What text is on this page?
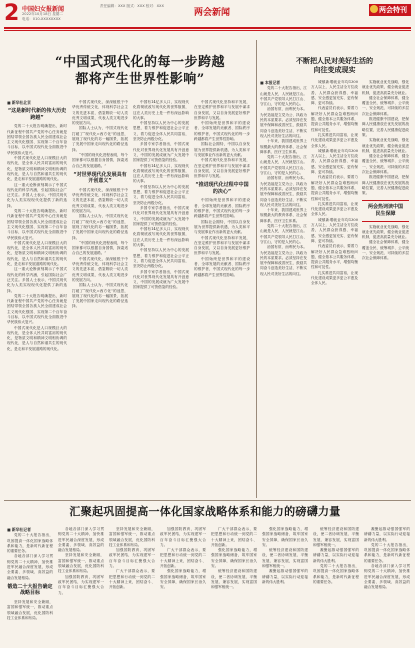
2 中国妇女报新闻
2022年10月18日 星期二
电话：010-XXXXXXXX
责任编辑：XXX 版式：XXX 校对：XXX
两会新闻	两会特刊
“中国式现代化的每一步跨越
都将产生世界性影响”
■ 新华社北京
“这是新时代新的伟大历史跨越”

党的二十大报告明确提出，新时代新征程中国共产党的中心任务就是团结带领全国各族人民全面建成社会主义现代化强国、实现第二个百年奋斗目标，以中国式现代化全面推进中华民族伟大复兴。

中国式现代化是人口规模巨大的现代化，是全体人民共同富裕的现代化，是物质文明和精神文明相协调的现代化，是人与自然和谐共生的现代化，是走和平发展道路的现代化。

这一重大论断深刻揭示了中国式现代化的科学内涵，引起国际社会广泛关注。多国人士表示，中国式现代化为人类实现现代化提供了新的选择。

党的二十大报告明确提出，新时代新征程中国共产党的中心任务就是团结带领全国各族人民全面建成社会主义现代化强国、实现第二个百年奋斗目标，以中国式现代化全面推进中华民族伟大复兴。

中国式现代化是人口规模巨大的现代化，是全体人民共同富裕的现代化，是物质文明和精神文明相协调的现代化，是人与自然和谐共生的现代化，是走和平发展道路的现代化。

这一重大论断深刻揭示了中国式现代化的科学内涵，引起国际社会广泛关注。多国人士表示，中国式现代化为人类实现现代化提供了新的选择。

党的二十大报告明确提出，新时代新征程中国共产党的中心任务就是团结带领全国各族人民全面建成社会主义现代化强国、实现第二个百年奋斗目标，以中国式现代化全面推进中华民族伟大复兴。

中国式现代化是人口规模巨大的现代化，是全体人民共同富裕的现代化，是物质文明和精神文明相协调的现代化，是人与自然和谐共生的现代化，是走和平发展道路的现代化。

中国式现代化，深深植根于中华优秀传统文化，体现科学社会主义的先进本质，借鉴吸收一切人类优秀文明成果，代表人类文明进步的发展方向。

国际人士认为，中国式现代化打破了“现代化=西方化”的迷思，展现了现代化的另一幅图景，拓展了发展中国家走向现代化的路径选择。

“中国的现代化进程表明，每个国家都可以根据自身国情，探索适合自己的发展道路。”

“对世界现代化发展具有开创意义”

中国式现代化，深深植根于中华优秀传统文化，体现科学社会主义的先进本质，借鉴吸收一切人类优秀文明成果，代表人类文明进步的发展方向。

国际人士认为，中国式现代化打破了“现代化=西方化”的迷思，展现了现代化的另一幅图景，拓展了发展中国家走向现代化的路径选择。

“中国的现代化进程表明，每个国家都可以根据自身国情，探索适合自己的发展道路。”

中国式现代化，深深植根于中华优秀传统文化，体现科学社会主义的先进本质，借鉴吸收一切人类优秀文明成果，代表人类文明进步的发展方向。

国际人士认为，中国式现代化打破了“现代化=西方化”的迷思，展现了现代化的另一幅图景，拓展了发展中国家走向现代化的路径选择。

中国有14亿多人口，实现现代化将彻底改写现代化的世界版图，这在人类历史上是一件有深远影响的大事。

中国坚持以人民为中心的发展思想，着力维护和促进社会公平正义，着力促进全体人民共同富裕，坚决防止两极分化。

多国专家学者指出，中国式现代化对世界现代化发展具有开创意义，中国的发展成就为广大发展中国家提供了可资借鉴的经验。

中国有14亿多人口，实现现代化将彻底改写现代化的世界版图，这在人类历史上是一件有深远影响的大事。

中国坚持以人民为中心的发展思想，着力维护和促进社会公平正义，着力促进全体人民共同富裕，坚决防止两极分化。

多国专家学者指出，中国式现代化对世界现代化发展具有开创意义，中国的发展成就为广大发展中国家提供了可资借鉴的经验。

中国有14亿多人口，实现现代化将彻底改写现代化的世界版图，这在人类历史上是一件有深远影响的大事。

中国坚持以人民为中心的发展思想，着力维护和促进社会公平正义，着力促进全体人民共同富裕，坚决防止两极分化。

多国专家学者指出，中国式现代化对世界现代化发展具有开创意义，中国的发展成就为广大发展中国家提供了可资借鉴的经验。

中国式现代化坚持和平发展，在坚定维护世界和平与发展中谋求自身发展，又以自身发展更好维护世界和平与发展。

中国始终是世界和平的建设者、全球发展的贡献者、国际秩序的维护者，中国式现代化的每一步跨越都将产生世界性影响。

国际社会期待，中国以自身发展为世界提供新机遇，为人类和平与发展事业作出新的更大贡献。

中国式现代化坚持和平发展，在坚定维护世界和平与发展中谋求自身发展，又以自身发展更好维护世界和平与发展。

“推进现代化过程中中国的决心”

中国始终是世界和平的建设者、全球发展的贡献者、国际秩序的维护者，中国式现代化的每一步跨越都将产生世界性影响。

国际社会期待，中国以自身发展为世界提供新机遇，为人类和平与发展事业作出新的更大贡献。

中国式现代化坚持和平发展，在坚定维护世界和平与发展中谋求自身发展，又以自身发展更好维护世界和平与发展。

中国始终是世界和平的建设者、全球发展的贡献者、国际秩序的维护者，中国式现代化的每一步跨越都将产生世界性影响。

不断把人民对美好生活的
向往变成现实
■ 本报记者

党的二十大报告指出，江山就是人民，人民就是江山。中国共产党领导人民打江山、守江山，守的是人民的心。

治国有常，而利民为本。为民造福是立党为公、执政为民的本质要求。必须坚持在发展中保障和改善民生，鼓励共同奋斗创造美好生活，不断实现人民对美好生活的向往。

十年来，我国建成世界上规模最大的教育体系、社会保障体系、医疗卫生体系。

党的二十大报告指出，江山就是人民，人民就是江山。中国共产党领导人民打江山、守江山，守的是人民的心。

治国有常，而利民为本。为民造福是立党为公、执政为民的本质要求。必须坚持在发展中保障和改善民生，鼓励共同奋斗创造美好生活，不断实现人民对美好生活的向往。

十年来，我国建成世界上规模最大的教育体系、社会保障体系、医疗卫生体系。

党的二十大报告指出，江山就是人民，人民就是江山。中国共产党领导人民打江山、守江山，守的是人民的心。

治国有常，而利民为本。为民造福是立党为公、执政为民的本质要求。必须坚持在发展中保障和改善民生，鼓励共同奋斗创造美好生活，不断实现人民对美好生活的向往。

城镇新增就业年均1300万人以上，人民生活全方位改善，人民群众获得感、幸福感、安全感更加充实、更有保障、更可持续。

代表委员们表示，要着力解决好人民群众急难愁盼问题，健全基本公共服务体系，提高公共服务水平，增强均衡性和可及性。

扎实推进共同富裕，让现代化建设成果更多更公平惠及全体人民。

城镇新增就业年均1300万人以上，人民生活全方位改善，人民群众获得感、幸福感、安全感更加充实、更有保障、更可持续。

代表委员们表示，要着力解决好人民群众急难愁盼问题，健全基本公共服务体系，提高公共服务水平，增强均衡性和可及性。

扎实推进共同富裕，让现代化建设成果更多更公平惠及全体人民。

城镇新增就业年均1300万人以上，人民生活全方位改善，人民群众获得感、幸福感、安全感更加充实、更有保障、更可持续。

代表委员们表示，要着力解决好人民群众急难愁盼问题，健全基本公共服务体系，提高公共服务水平，增强均衡性和可及性。

扎实推进共同富裕，让现代化建设成果更多更公平惠及全体人民。

实施就业优先战略，强化就业优先政策，健全就业促进机制，促进高质量充分就业。

健全社会保障体系，健全覆盖全民、统筹城乡、公平统一、安全规范、可持续的多层次社会保障体系。

推进健康中国建设，把保障人民健康放在优先发展的战略位置，完善人民健康促进政策。

实施就业优先战略，强化就业优先政策，健全就业促进机制，促进高质量充分就业。

健全社会保障体系，健全覆盖全民、统筹城乡、公平统一、安全规范、可持续的多层次社会保障体系。

推进健康中国建设，把保障人民健康放在优先发展的战略位置，完善人民健康促进政策。

两会热词读中国
民生保障

实施就业优先战略，强化就业优先政策，健全就业促进机制，促进高质量充分就业。

健全社会保障体系，健全覆盖全民、统筹城乡、公平统一、安全规范、可持续的多层次社会保障体系。

汇聚起巩固提高一体化国家战略体系和能力的磅礴力量
■ 新华社记者

党的二十大报告指出，巩固提高一体化国家战略体系和能力，是新时代新征程的重要任务。

各地各部门深入学习贯彻党的二十大精神，加快推进军民融合深度发展，形成全要素、多领域、高效益的融合发展格局。

锻造二十大报告确定战略目标

坚持发展和安全兼顾，富国和强军统一，推动重点领域融合发展，优化国防科技工业体系和布局。

各地各部门深入学习贯彻党的二十大精神，加快推进军民融合深度发展，形成全要素、多领域、高效益的融合发展格局。

坚持发展和安全兼顾，富国和强军统一，推动重点领域融合发展，优化国防科技工业体系和布局。

加强国防教育，巩固军政军民团结，为实现建军一百年奋斗目标汇聚强大合力。

坚持发展和安全兼顾，富国和强军统一，推动重点领域融合发展，优化国防科技工业体系和布局。

加强国防教育，巩固军政军民团结，为实现建军一百年奋斗目标汇聚强大合力。

广大干部群众表示，要把思想和行动统一到党的二十大精神上来，团结奋斗、开拓创新。

加强国防教育，巩固军政军民团结，为实现建军一百年奋斗目标汇聚强大合力。

广大干部群众表示，要把思想和行动统一到党的二十大精神上来，团结奋斗、开拓创新。

强化国家战略能力，增强国家战略储备，筑牢国家安全屏障，确保国家长治久安。

广大干部群众表示，要把思想和行动统一到党的二十大精神上来，团结奋斗、开拓创新。

强化国家战略能力，增强国家战略储备，筑牢国家安全屏障，确保国家长治久安。

统筹经济建设和国防建设，使二者协调发展、平衡发展、兼容发展，实现富国和强军相统一。

强化国家战略能力，增强国家战略储备，筑牢国家安全屏障，确保国家长治久安。

统筹经济建设和国防建设，使二者协调发展、平衡发展、兼容发展，实现富国和强军相统一。

凝聚起推动强国强军的磅礴力量，以实际行动迎接新的伟大胜利。

统筹经济建设和国防建设，使二者协调发展、平衡发展、兼容发展，实现富国和强军相统一。

凝聚起推动强国强军的磅礴力量，以实际行动迎接新的伟大胜利。

党的二十大报告指出，巩固提高一体化国家战略体系和能力，是新时代新征程的重要任务。

凝聚起推动强国强军的磅礴力量，以实际行动迎接新的伟大胜利。

党的二十大报告指出，巩固提高一体化国家战略体系和能力，是新时代新征程的重要任务。

各地各部门深入学习贯彻党的二十大精神，加快推进军民融合深度发展，形成全要素、多领域、高效益的融合发展格局。
